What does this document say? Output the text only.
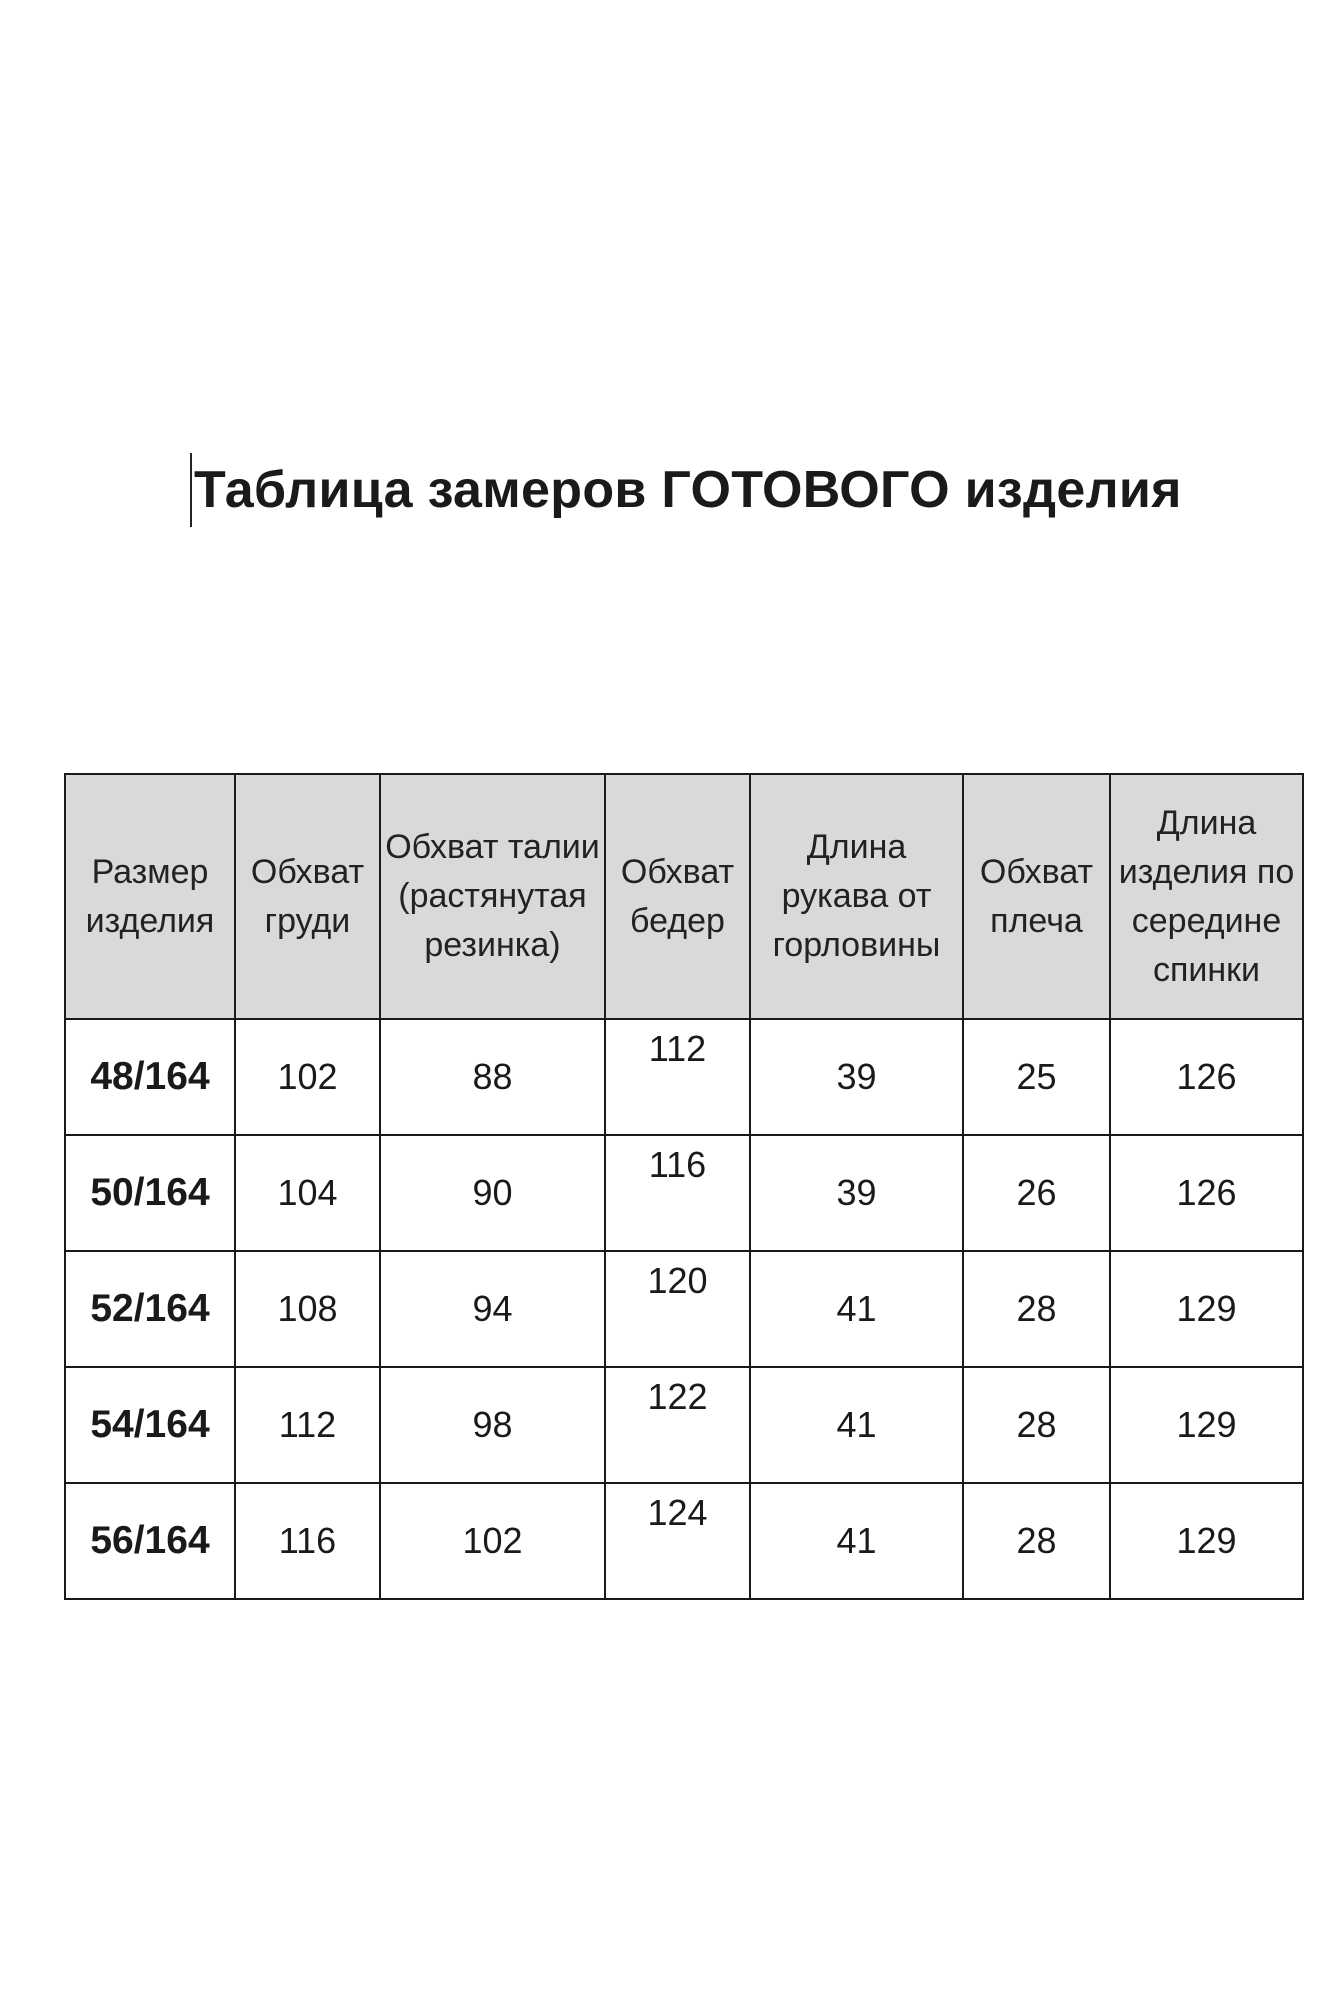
Таблица замеров ГОТОВОГО изделия
Размер изделия	Обхват груди	Обхват талии (растянутая резинка)	Обхват бедер	Длина рукава от горловины	Обхват плеча	Длина изделия по середине спинки
48/164	102	88	112	39	25	126
50/164	104	90	116	39	26	126
52/164	108	94	120	41	28	129
54/164	112	98	122	41	28	129
56/164	116	102	124	41	28	129
